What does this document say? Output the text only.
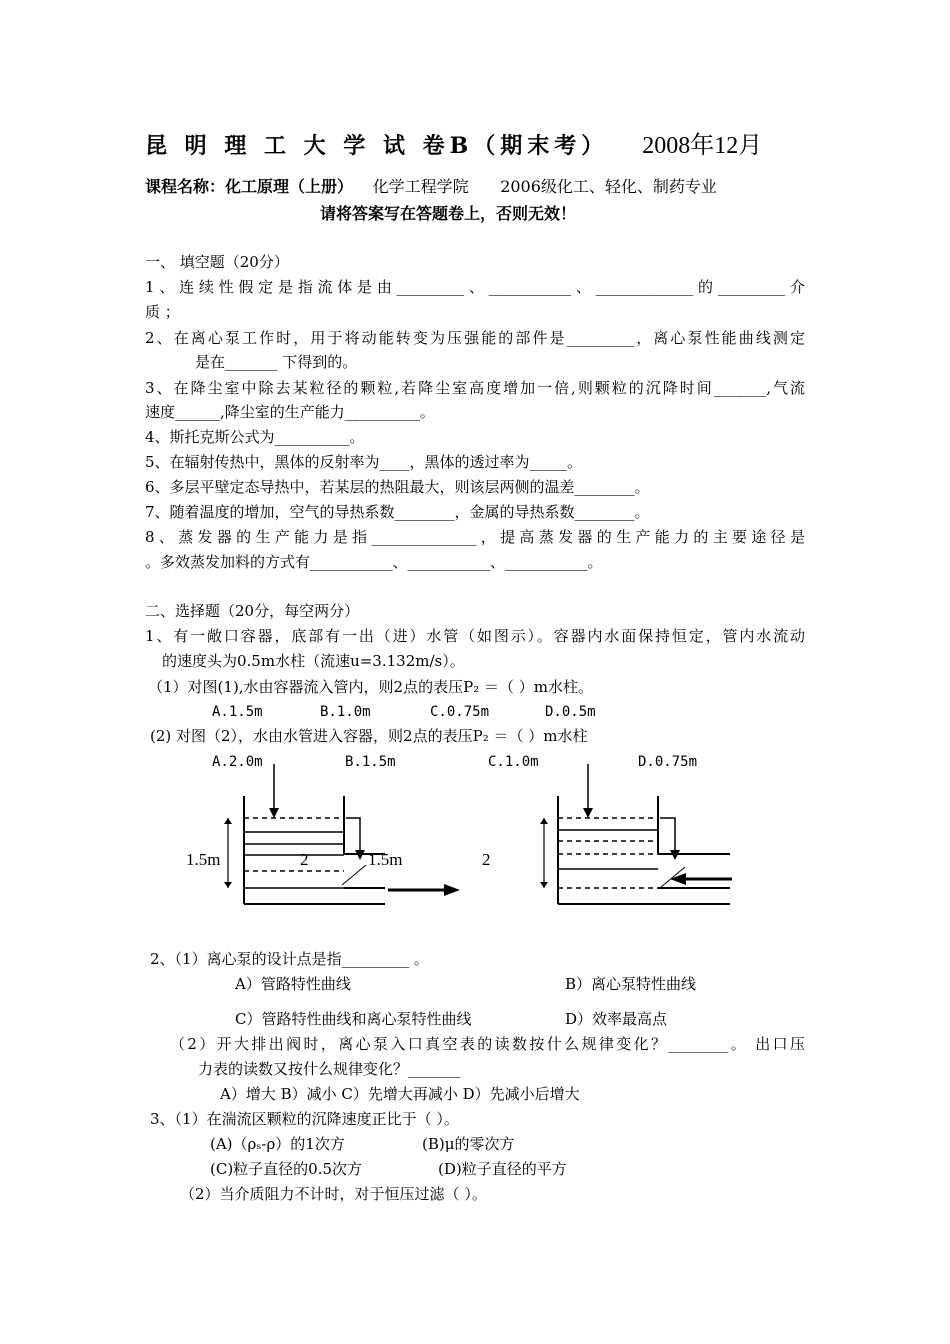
昆 明 理 工 大 学 试 卷B（期末考） 2008年12月
课程名称：化工原理（上册） 化学工程学院 2006级化工、轻化、制药专业
请将答案写在答题卷上，否则无效！
一、 填空题（20分）
1、连续性假定是指流体是由_________、___________、_____________的_________介
质 ；
2、在离心泵工作时，用于将动能转变为压强能的部件是_________，离心泵性能曲线测定
是在_______ 下得到的。
3、在降尘室中除去某粒径的颗粒,若降尘室高度增加一倍,则颗粒的沉降时间_______,气流
速度______,降尘室的生产能力__________。
4、斯托克斯公式为__________。
5、在辐射传热中，黑体的反射率为____，黑体的透过率为_____。
6、多层平壁定态导热中，若某层的热阻最大，则该层两侧的温差________。
7、随着温度的增加，空气的导热系数________，金属的导热系数________。
8、蒸发器的生产能力是指______________，提高蒸发器的生产能力的主要途径是
。多效蒸发加料的方式有___________、___________、___________。
二、选择题（20分，每空两分）
1、有一敞口容器，底部有一出（进）水管（如图示）。容器内水面保持恒定，管内水流动
的速度头为0.5m水柱（流速u=3.132m/s）。
（1）对图(1),水由容器流入管内，则2点的表压P₂ ＝（ ）m水柱。
A.1.5m	B.1.0m	C.0.75m	D.0.5m
(2) 对图（2），水由水管进入容器，则2点的表压P₂ ＝（ ）m水柱
A.2.0m	B.1.5m	C.1.0m	D.0.75m
1.5m	2	1.5m	2
2、（1）离心泵的设计点是指_________ 。
A）管路特性曲线	B）离心泵特性曲线
C）管路特性曲线和离心泵特性曲线	D）效率最高点
（2）开大排出阀时，离心泵入口真空表的读数按什么规律变化？________。 出口压
力表的读数又按什么规律变化？_______
A）增大 B）减小 C）先增大再减小 D）先减小后增大
3、（1）在湍流区颗粒的沉降速度正比于（ ）。
(A)（ρₛ-ρ）的1次方	(B)μ的零次方
(C)粒子直径的0.5次方	(D)粒子直径的平方
（2）当介质阻力不计时，对于恒压过滤（ ）。
